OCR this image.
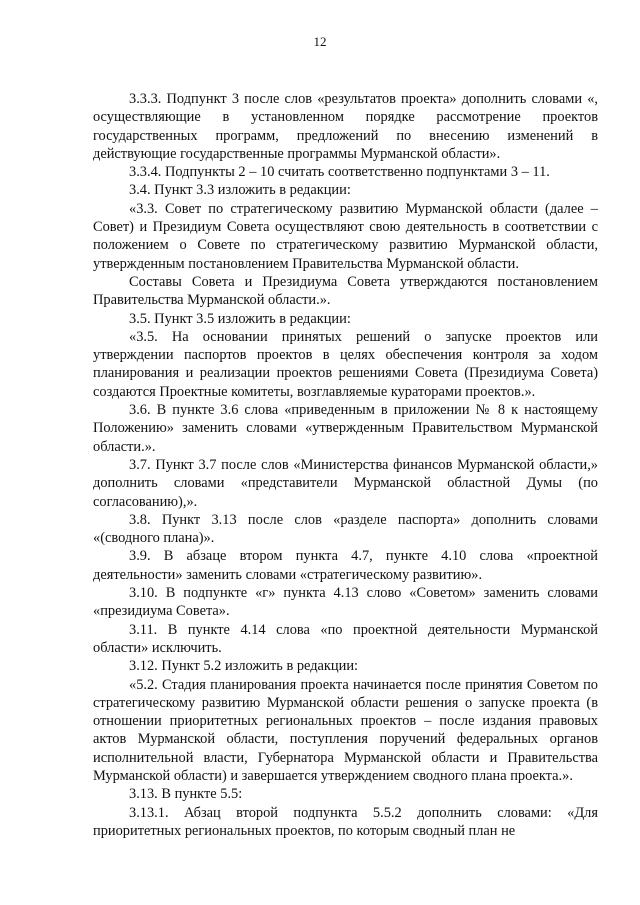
12

3.3.3. Подпункт 3 после слов «результатов проекта» дополнить словами «, осуществляющие в установленном порядке рассмотрение проектов государственных программ, предложений по внесению изменений в действующие государственные программы Мурманской области».

3.3.4. Подпункты 2 – 10 считать соответственно подпунктами 3 – 11.

3.4. Пункт 3.3 изложить в редакции:

«3.3. Совет по стратегическому развитию Мурманской области (далее – Совет) и Президиум Совета осуществляют свою деятельность в соответствии с положением о Совете по стратегическому развитию Мурманской области, утвержденным постановлением Правительства Мурманской области.

Составы Совета и Президиума Совета утверждаются постановлением Правительства Мурманской области.».

3.5. Пункт 3.5 изложить в редакции:

«3.5. На основании принятых решений о запуске проектов или утверждении паспортов проектов в целях обеспечения контроля за ходом планирования и реализации проектов решениями Совета (Президиума Совета) создаются Проектные комитеты, возглавляемые кураторами проектов.».

3.6. В пункте 3.6 слова «приведенным в приложении № 8 к настоящему Положению» заменить словами «утвержденным Правительством Мурманской области.».

3.7. Пункт 3.7 после слов «Министерства финансов Мурманской области,» дополнить словами «представители Мурманской областной Думы (по согласованию),».

3.8. Пункт 3.13 после слов «разделе паспорта» дополнить словами «(сводного плана)».

3.9. В абзаце втором пункта 4.7, пункте 4.10 слова «проектной деятельности» заменить словами «стратегическому развитию».

3.10. В подпункте «г» пункта 4.13 слово «Советом» заменить словами «президиума Совета».

3.11. В пункте 4.14 слова «по проектной деятельности Мурманской области» исключить.

3.12. Пункт 5.2 изложить в редакции:

«5.2. Стадия планирования проекта начинается после принятия Советом по стратегическому развитию Мурманской области решения о запуске проекта (в отношении приоритетных региональных проектов – после издания правовых актов Мурманской области, поступления поручений федеральных органов исполнительной власти, Губернатора Мурманской области и Правительства Мурманской области) и завершается утверждением сводного плана проекта.».

3.13. В пункте 5.5:

3.13.1. Абзац второй подпункта 5.5.2 дополнить словами: «Для приоритетных региональных проектов, по которым сводный план не
